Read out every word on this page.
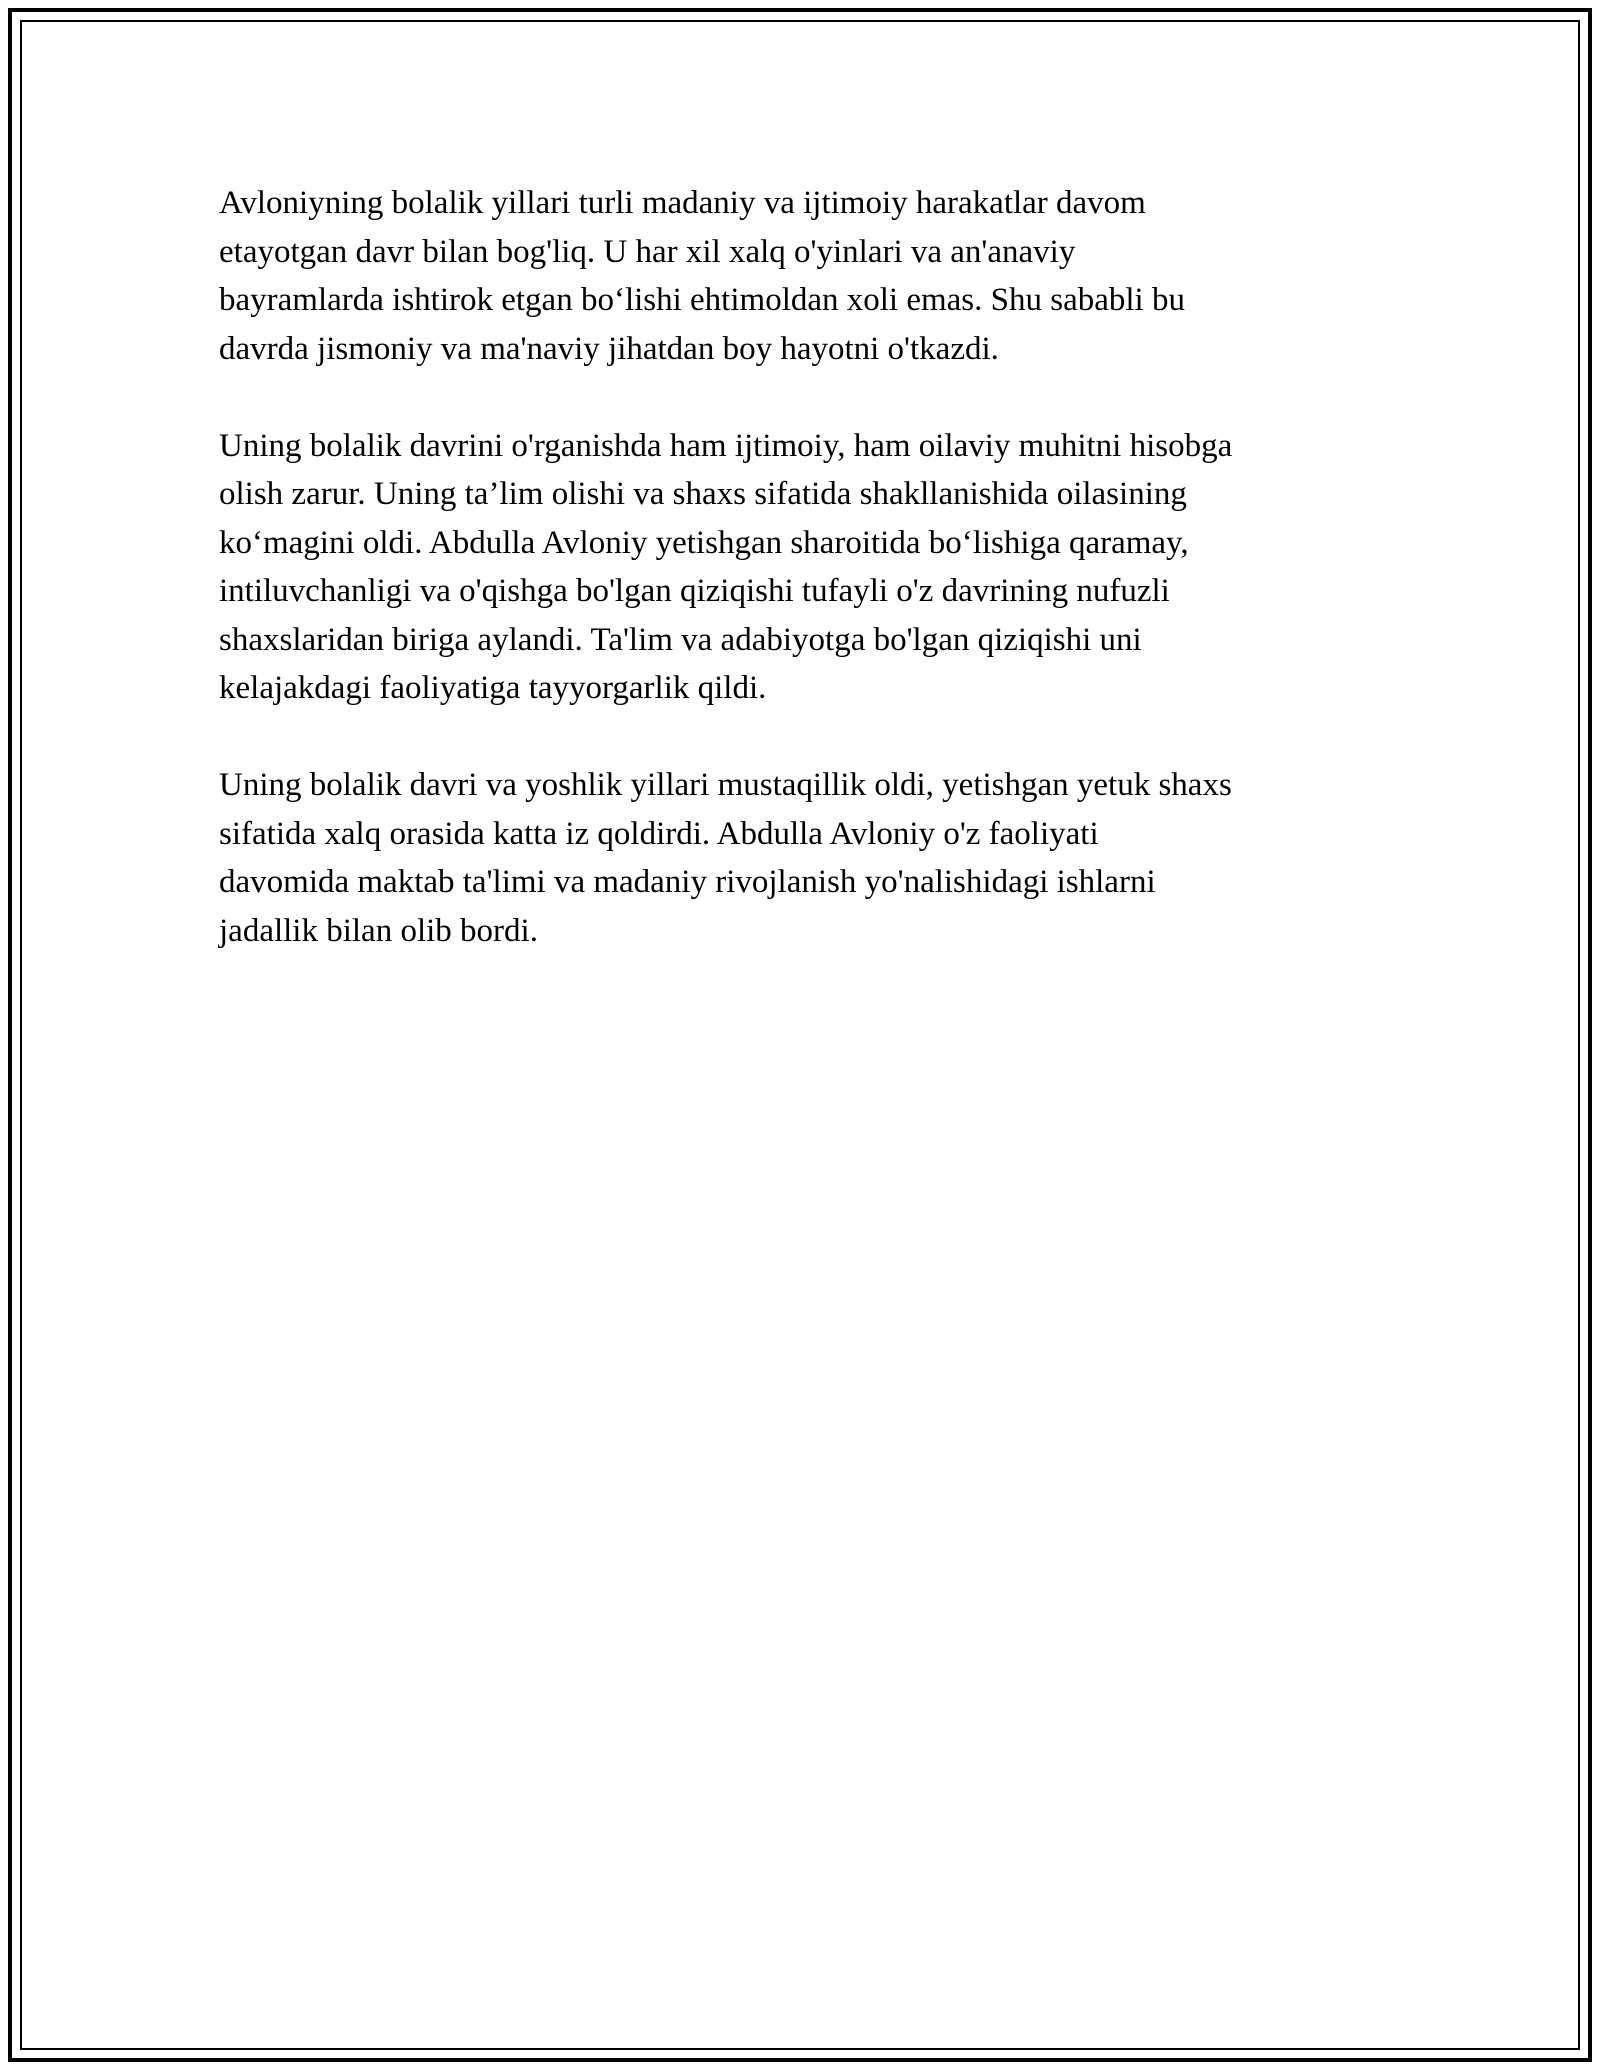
Avloniyning bolalik yillari turli madaniy va ijtimoiy harakatlar davom
etayotgan davr bilan bog'liq. U har xil xalq o'yinlari va an'anaviy
bayramlarda ishtirok etgan bo‘lishi ehtimoldan xoli emas. Shu sababli bu
davrda jismoniy va ma'naviy jihatdan boy hayotni o'tkazdi.

Uning bolalik davrini o'rganishda ham ijtimoiy, ham oilaviy muhitni hisobga
olish zarur. Uning ta’lim olishi va shaxs sifatida shakllanishida oilasining
ko‘magini oldi. Abdulla Avloniy yetishgan sharoitida bo‘lishiga qaramay,
intiluvchanligi va o'qishga bo'lgan qiziqishi tufayli o'z davrining nufuzli
shaxslaridan biriga aylandi. Ta'lim va adabiyotga bo'lgan qiziqishi uni
kelajakdagi faoliyatiga tayyorgarlik qildi.

Uning bolalik davri va yoshlik yillari mustaqillik oldi, yetishgan yetuk shaxs
sifatida xalq orasida katta iz qoldirdi. Abdulla Avloniy o'z faoliyati
davomida maktab ta'limi va madaniy rivojlanish yo'nalishidagi ishlarni
jadallik bilan olib bordi.
